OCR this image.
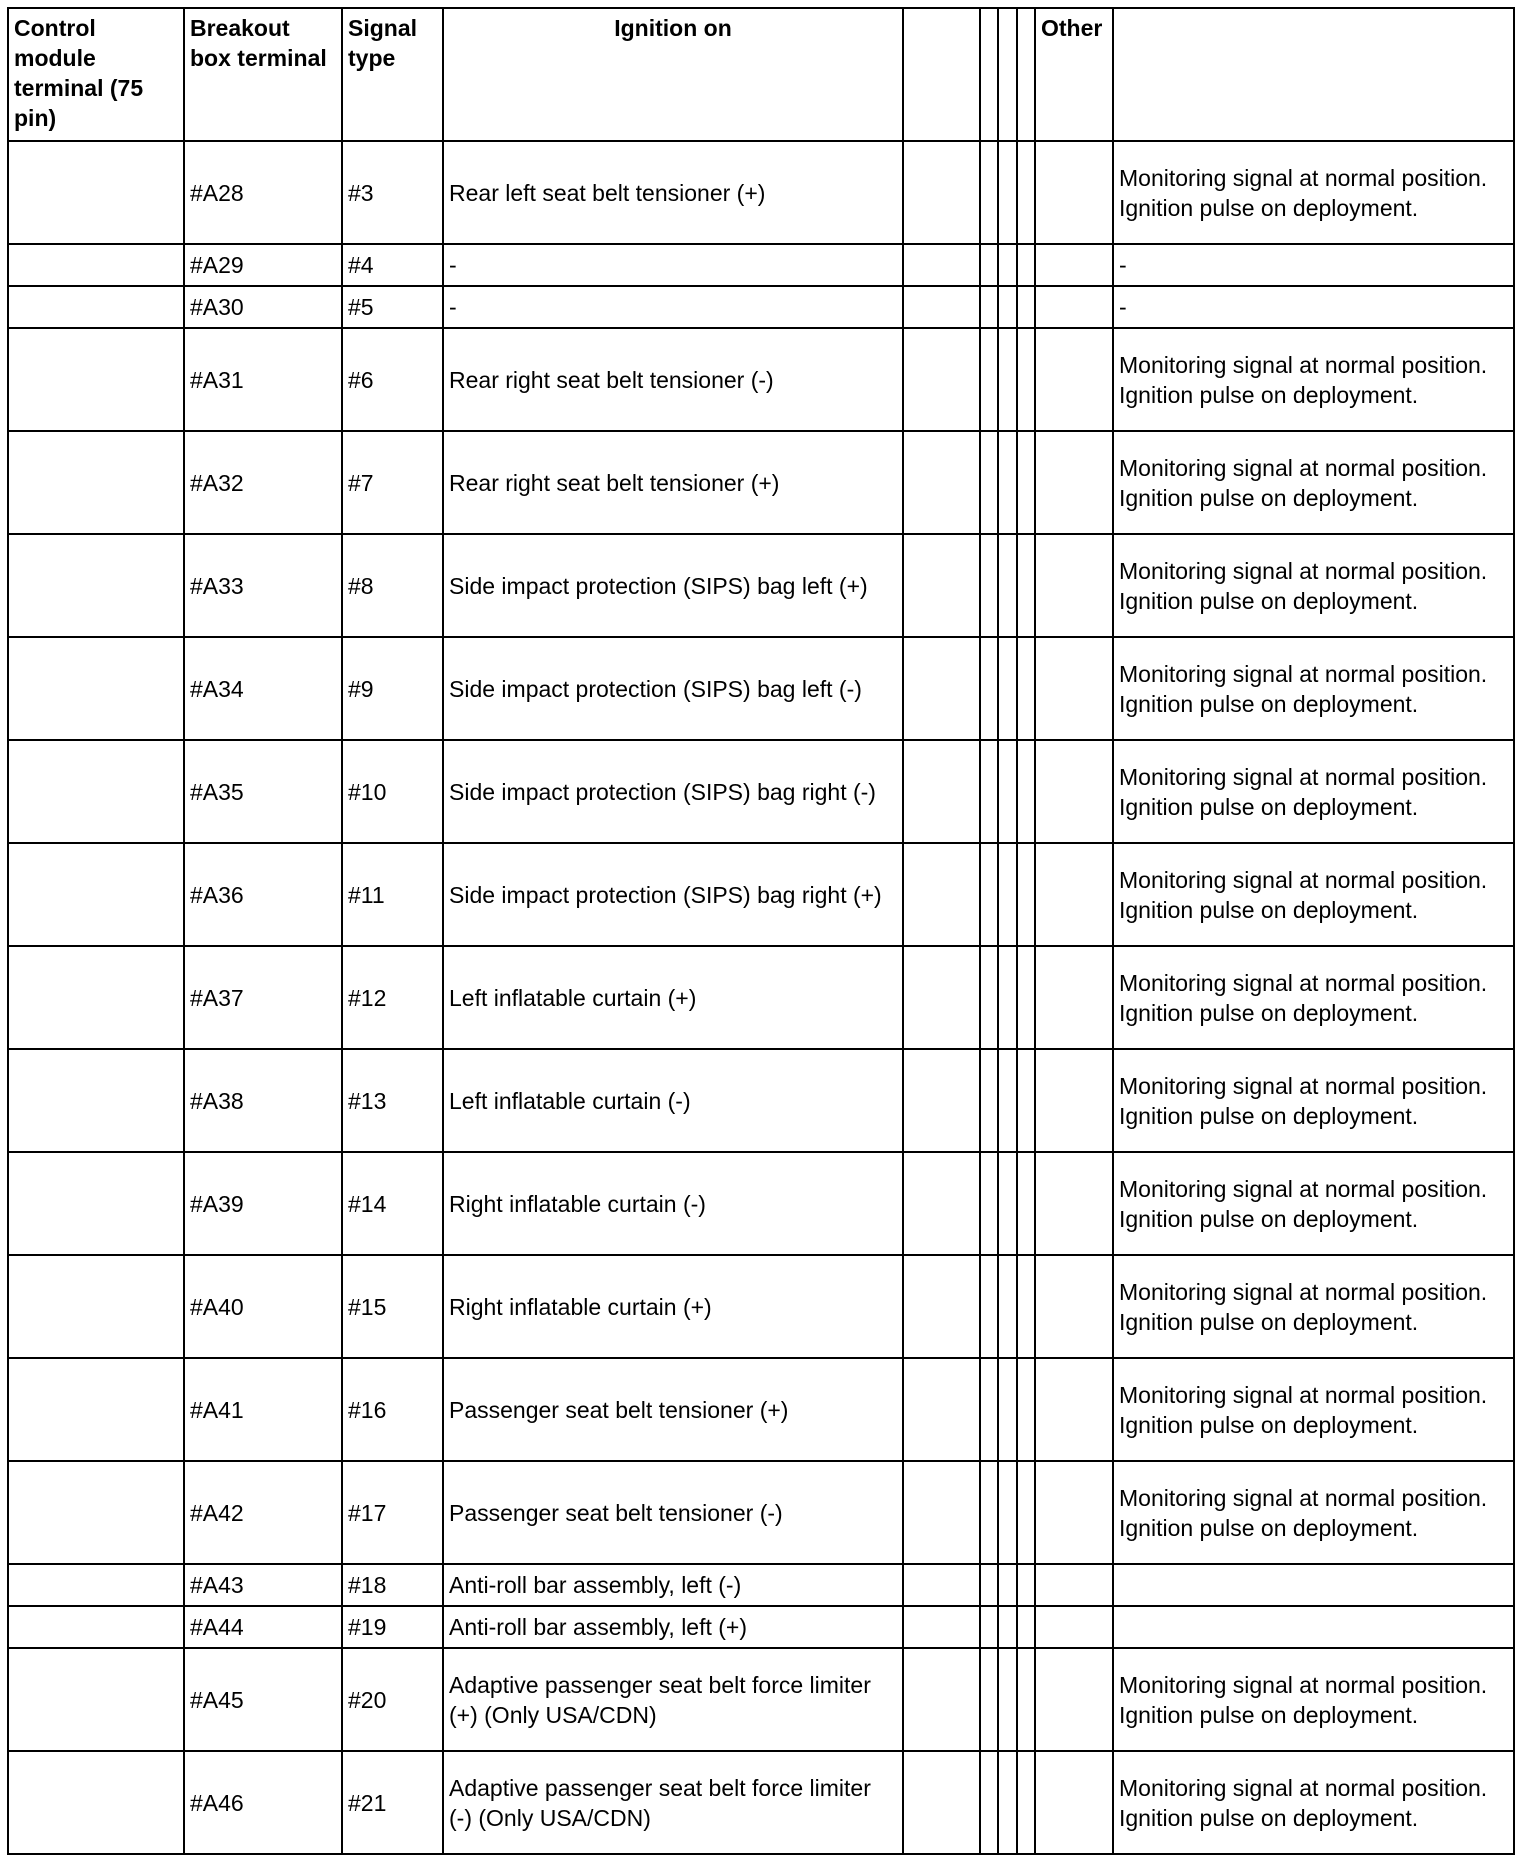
Control module terminal (75 pin)	Breakout box terminal	Signal type	Ignition on					Other	
	#A28	#3	Rear left seat belt tensioner (+)						Monitoring signal at normal position. Ignition pulse on deployment.
	#A29	#4	-						-
	#A30	#5	-						-
	#A31	#6	Rear right seat belt tensioner (-)						Monitoring signal at normal position. Ignition pulse on deployment.
	#A32	#7	Rear right seat belt tensioner (+)						Monitoring signal at normal position. Ignition pulse on deployment.
	#A33	#8	Side impact protection (SIPS) bag left (+)						Monitoring signal at normal position. Ignition pulse on deployment.
	#A34	#9	Side impact protection (SIPS) bag left (-)						Monitoring signal at normal position. Ignition pulse on deployment.
	#A35	#10	Side impact protection (SIPS) bag right (-)						Monitoring signal at normal position. Ignition pulse on deployment.
	#A36	#11	Side impact protection (SIPS) bag right (+)						Monitoring signal at normal position. Ignition pulse on deployment.
	#A37	#12	Left inflatable curtain (+)						Monitoring signal at normal position. Ignition pulse on deployment.
	#A38	#13	Left inflatable curtain (-)						Monitoring signal at normal position. Ignition pulse on deployment.
	#A39	#14	Right inflatable curtain (-)						Monitoring signal at normal position. Ignition pulse on deployment.
	#A40	#15	Right inflatable curtain (+)						Monitoring signal at normal position. Ignition pulse on deployment.
	#A41	#16	Passenger seat belt tensioner (+)						Monitoring signal at normal position. Ignition pulse on deployment.
	#A42	#17	Passenger seat belt tensioner (-)						Monitoring signal at normal position. Ignition pulse on deployment.
	#A43	#18	Anti-roll bar assembly, left (-)						
	#A44	#19	Anti-roll bar assembly, left (+)						
	#A45	#20	Adaptive passenger seat belt force limiter (+) (Only USA/CDN)						Monitoring signal at normal position. Ignition pulse on deployment.
	#A46	#21	Adaptive passenger seat belt force limiter (-) (Only USA/CDN)						Monitoring signal at normal position. Ignition pulse on deployment.
